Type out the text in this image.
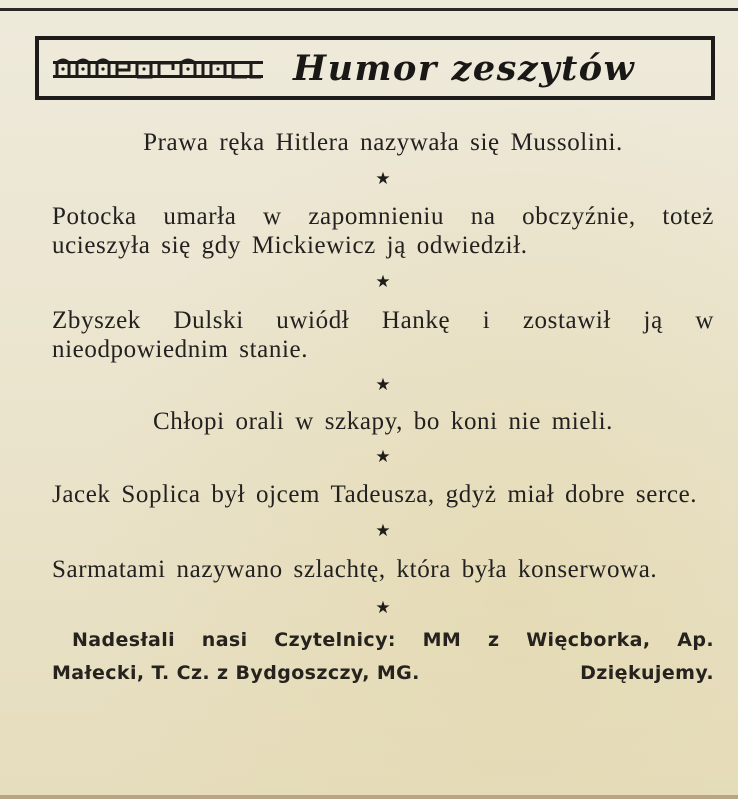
Humor zeszytów
Prawa ręka Hitlera nazywała się Mussolini.
★
Potocka umarła w zapomnieniu na obczyźnie, toteż ucieszyła się gdy Mickiewicz ją odwiedził.
★
Zbyszek Dulski uwiódł Hankę i zostawił ją w nieodpowiednim stanie.
★
Chłopi orali w szkapy, bo koni nie mieli.
★
Jacek Soplica był ojcem Tadeusza, gdyż miał dobre serce.
★
Sarmatami nazywano szlachtę, która była konserwowa.
★
Nadesłali nasi Czytelnicy: MM z Więcborka, Ap.
Małecki, T. Cz. z Bydgoszczy, MG.	Dziękujemy.
